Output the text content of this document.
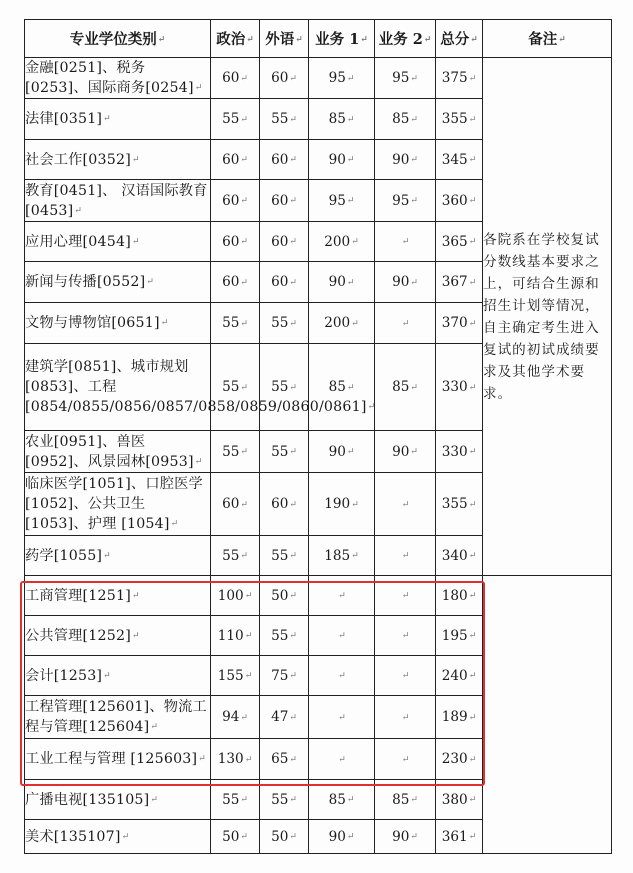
专业学位类别↵	政治↵	外语↵	业务 1↵	业务 2↵	总分↵	备注↵
金融[0251]、税务 [0253]、国际商务[0254]↵	60↵	60↵	95↵	95↵	375↵	各院系在学校复试分数线基本要求之上，可结合生源和招生计划等情况，自主确定考生进入复试的初试成绩要求及其他学术要求。
法律[0351]↵	55↵	55↵	85↵	85↵	355↵	
社会工作[0352]↵	60↵	60↵	90↵	90↵	345↵	
教育[0451]、 汉语国际教育[0453]↵	60↵	60↵	95↵	95↵	360↵	
应用心理[0454]↵	60↵	60↵	200↵	↵	365↵	
新闻与传播[0552]↵	60↵	60↵	90↵	90↵	367↵	
文物与博物馆[0651]↵	55↵	55↵	200↵	↵	370↵	
建筑学[0851]、城市规划[0853]、工程 [0854/0855/0856/0857/0858/0859/0860/0861]↵	55↵	55↵	85↵	85↵	330↵	
农业[0951]、兽医 [0952]、风景园林[0953]↵	55↵	55↵	90↵	90↵	330↵	
临床医学[1051]、口腔医学[1052]、公共卫生 [1053]、护理 [1054]↵	60↵	60↵	190↵	↵	355↵	
药学[1055]↵	55↵	55↵	185↵	↵	340↵	
工商管理[1251]↵	100↵	50↵	↵	↵	180↵	
公共管理[1252]↵	110↵	55↵	↵	↵	195↵	
会计[1253]↵	155↵	75↵	↵	↵	240↵	
工程管理[125601]、物流工程与管理[125604]↵	94↵	47↵	↵	↵	189↵	
工业工程与管理 [125603]↵	130↵	65↵	↵	↵	230↵	
广播电视[135105]↵	55↵	55↵	85↵	85↵	380↵	
美术[135107]↵	50↵	50↵	90↵	90↵	361↵	
